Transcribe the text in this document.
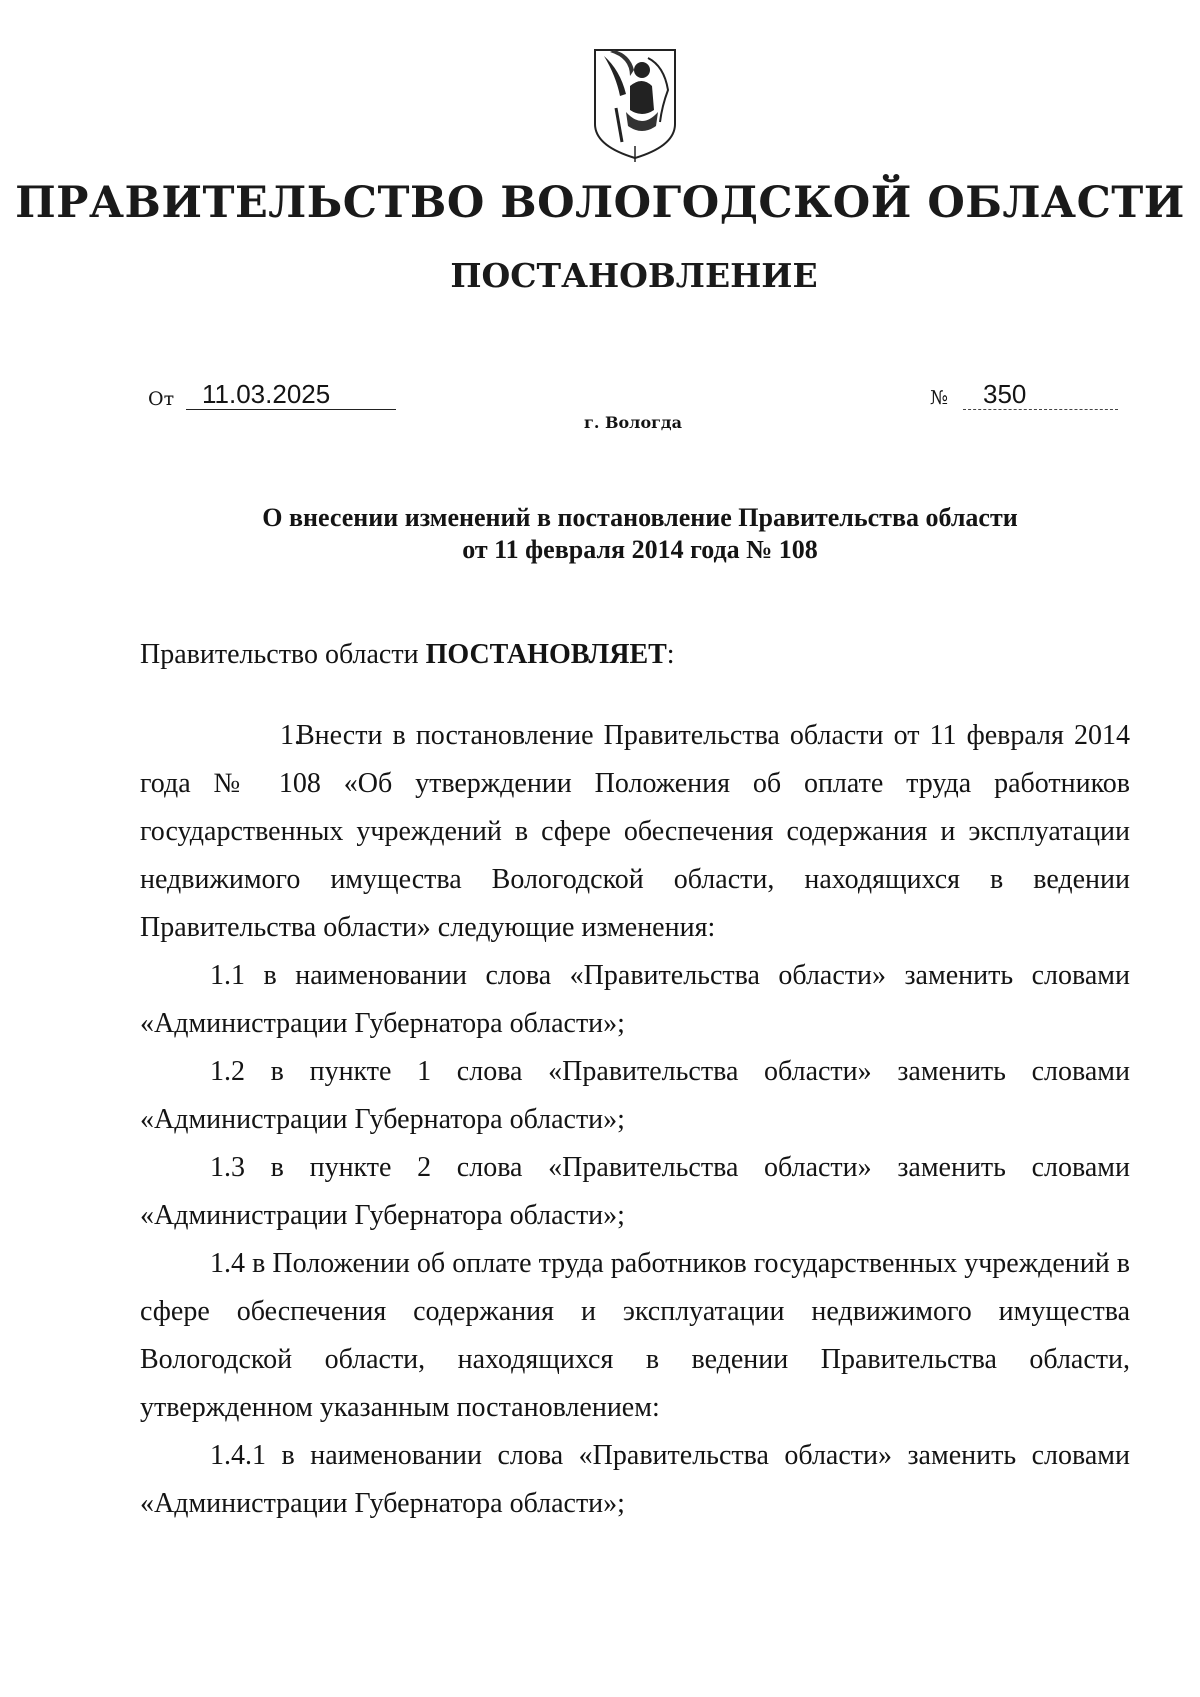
ПРАВИТЕЛЬСТВО ВОЛОГОДСКОЙ ОБЛАСТИ
ПОСТАНОВЛЕНИЕ
От	11.03.2025	№	350
г. Вологда
О внесении изменений в постановление Правительства области
от 11 февраля 2014 года № 108
Правительство области ПОСТАНОВЛЯЕТ:

1.Внести в постановление Правительства области от 11 февраля 2014 года № 108 «Об утверждении Положения об оплате труда работников государственных учреждений в сфере обеспечения содержания и эксплуатации недвижимого имущества Вологодской области, находящихся в ведении Правительства области» следующие изменения:

1.1 в наименовании слова «Правительства области» заменить словами «Администрации Губернатора области»;

1.2 в пункте 1 слова «Правительства области» заменить словами «Администрации Губернатора области»;

1.3 в пункте 2 слова «Правительства области» заменить словами «Администрации Губернатора области»;

1.4 в Положении об оплате труда работников государственных учреждений в сфере обеспечения содержания и эксплуатации недвижимого имущества Вологодской области, находящихся в ведении Правительства области, утвержденном указанным постановлением:

1.4.1 в наименовании слова «Правительства области» заменить словами «Администрации Губернатора области»;
